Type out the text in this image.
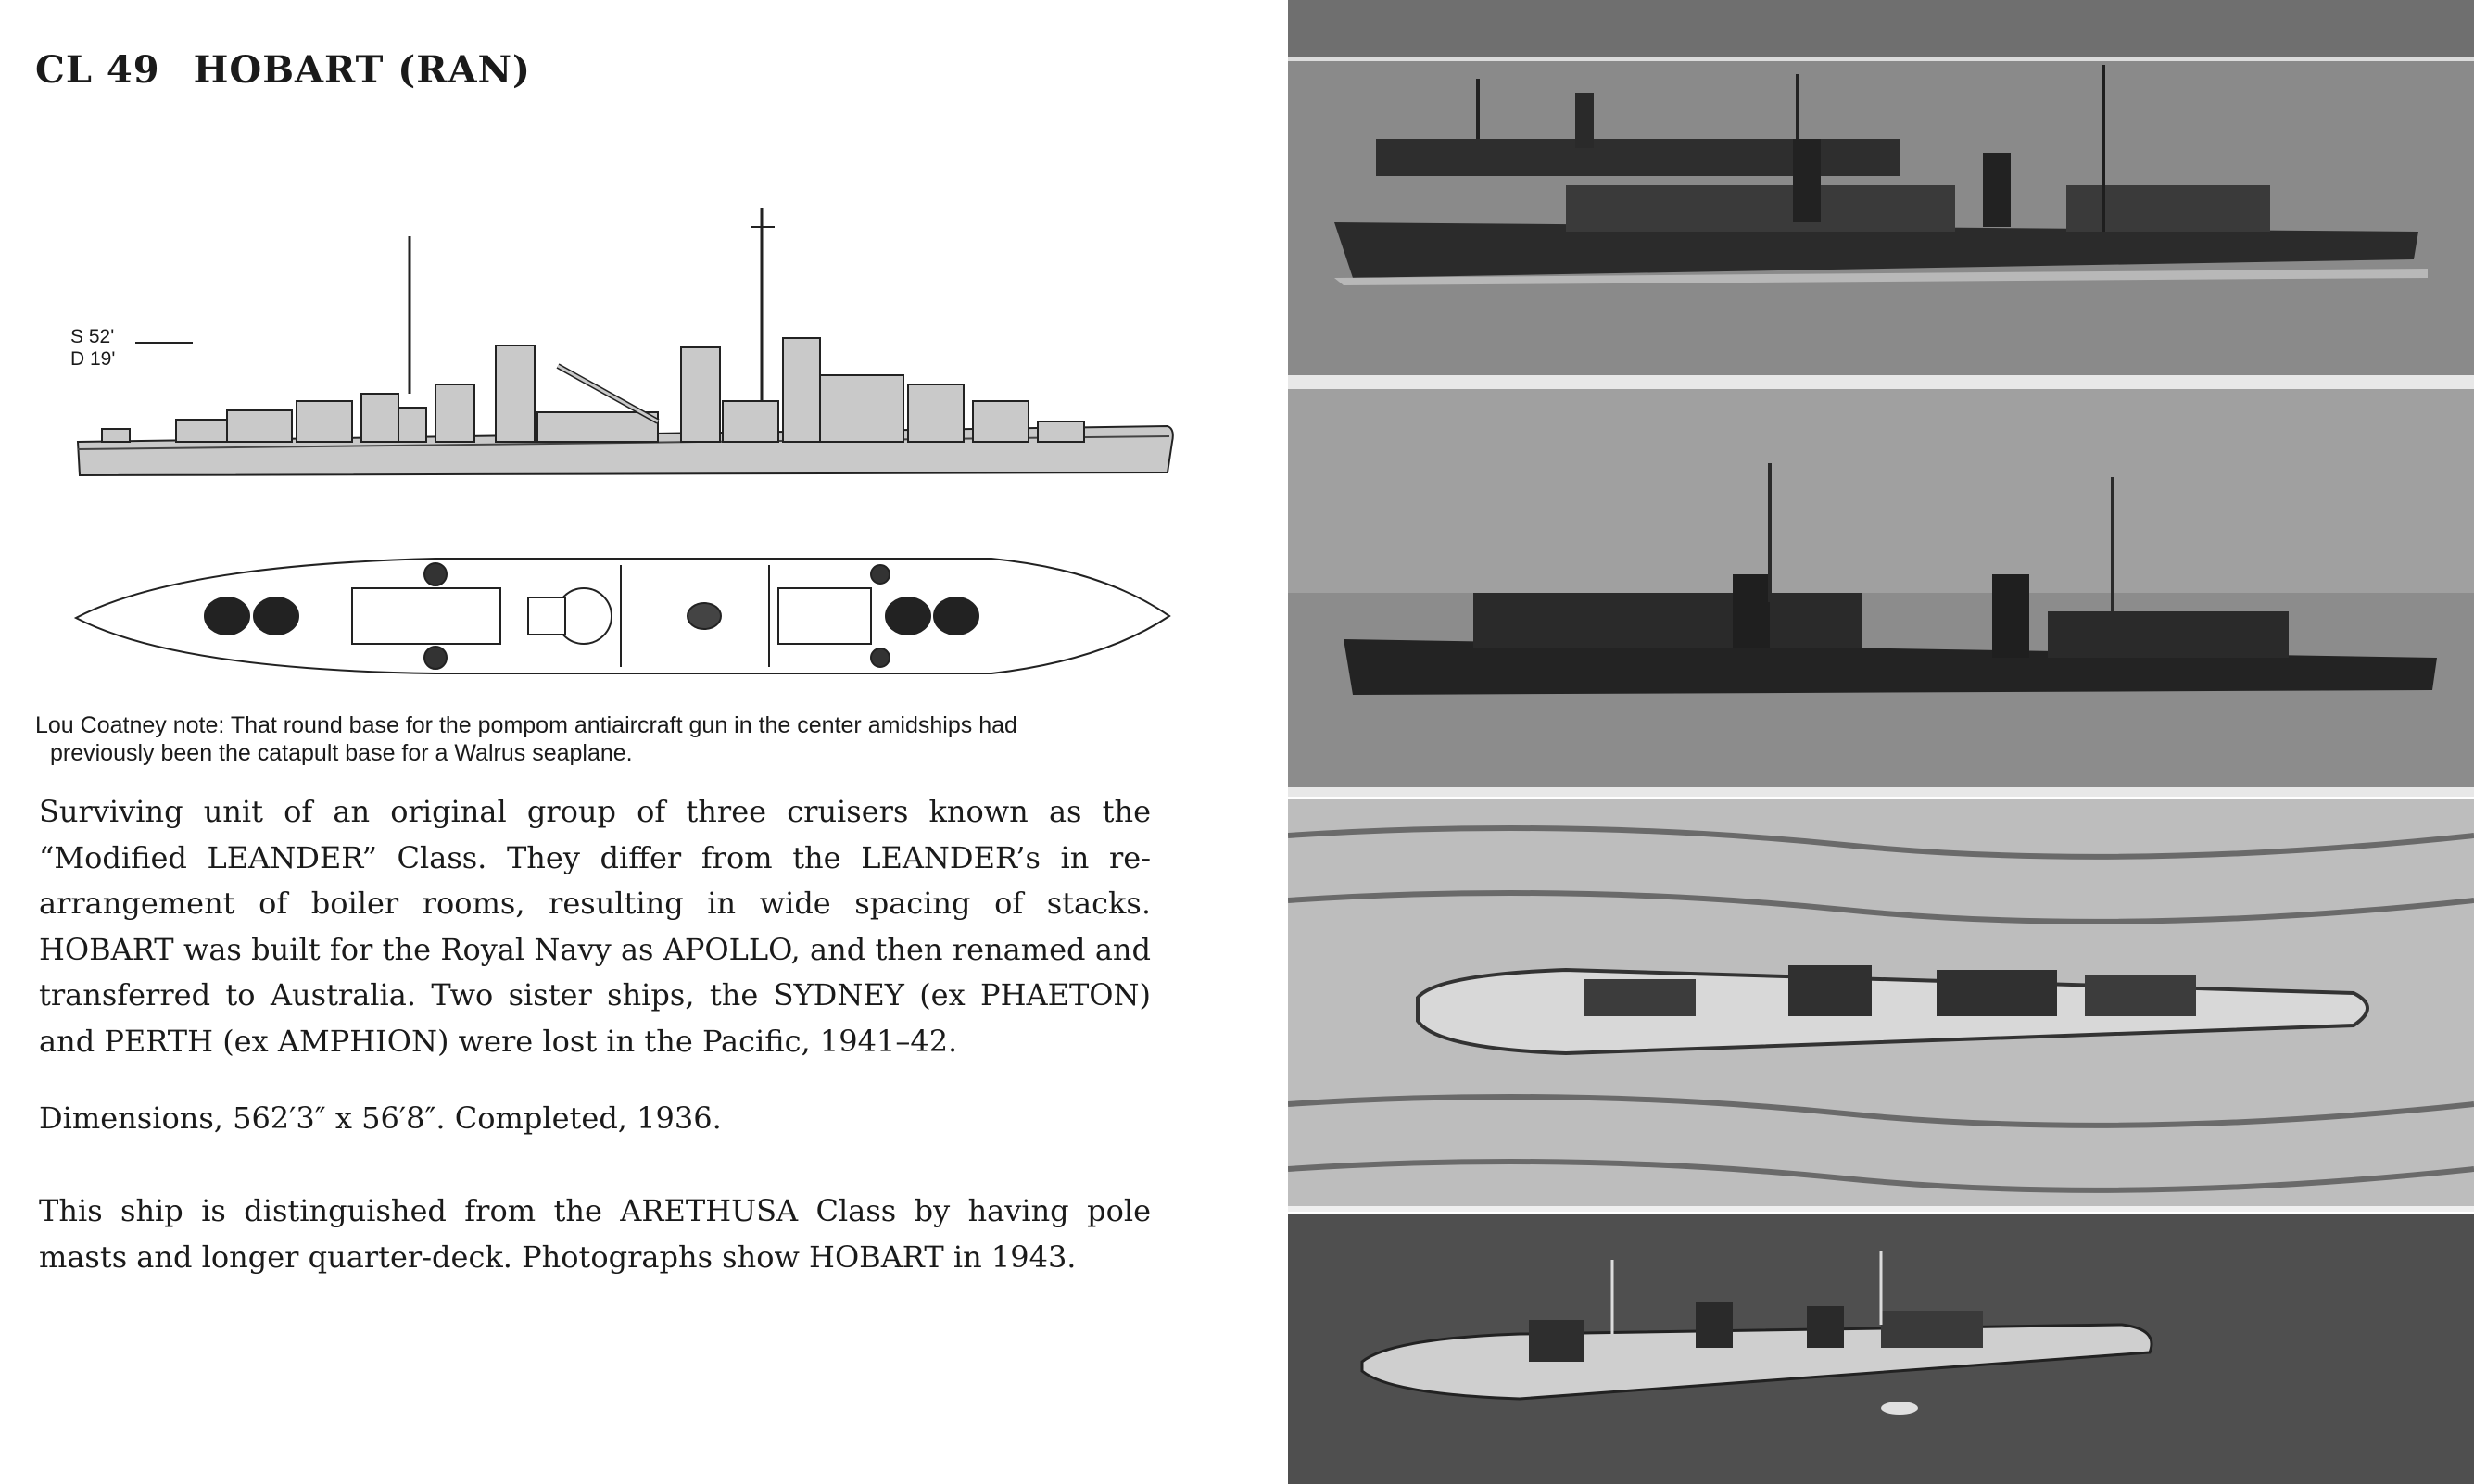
CL 49 HOBART (RAN)
S 52'
D 19'
Lou Coatney note: That round base for the pompom antiaircraft gun in the center amidships had
previously been the catapult base for a Walrus seaplane.
Surviving unit of an original group of three cruisers known as the “Modified LEANDER” Class. They differ from the LEANDER’s in re-arrangement of boiler rooms, resulting in wide spacing of stacks. HOBART was built for the Royal Navy as APOLLO, and then renamed and transferred to Australia. Two sister ships, the SYDNEY (ex PHAETON) and PERTH (ex AMPHION) were lost in the Pacific, 1941–42.
Dimensions, 562′3″ x 56′8″. Completed, 1936.
This ship is distinguished from the ARETHUSA Class by having pole masts and longer quarter-deck. Photographs show HOBART in 1943.
